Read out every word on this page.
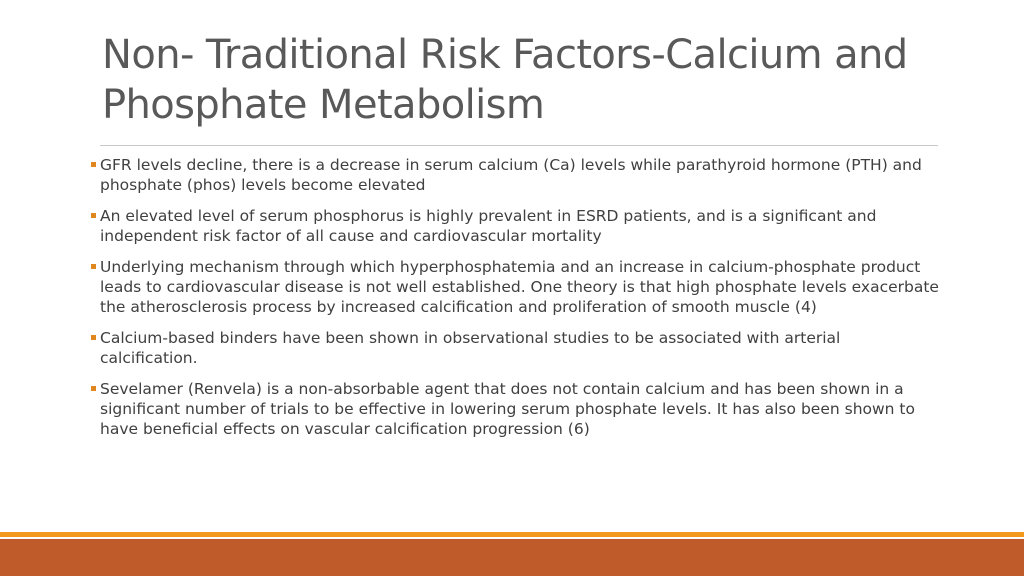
Non- Traditional Risk Factors-Calcium and Phosphate Metabolism
GFR levels decline, there is a decrease in serum calcium (Ca) levels while parathyroid hormone (PTH) and phosphate (phos) levels become elevated
An elevated level of serum phosphorus is highly prevalent in ESRD patients, and is a significant and independent risk factor of all cause and cardiovascular mortality
Underlying mechanism through which hyperphosphatemia and an increase in calcium-phosphate product leads to cardiovascular disease is not well established. One theory is that high phosphate levels exacerbate the atherosclerosis process by increased calcification and proliferation of smooth muscle (4)
Calcium-based binders have been shown in observational studies to be associated with arterial calcification.
Sevelamer (Renvela) is a non-absorbable agent that does not contain calcium and has been shown in a significant number of trials to be effective in lowering serum phosphate levels. It has also been shown to have beneficial effects on vascular calcification progression (6)
